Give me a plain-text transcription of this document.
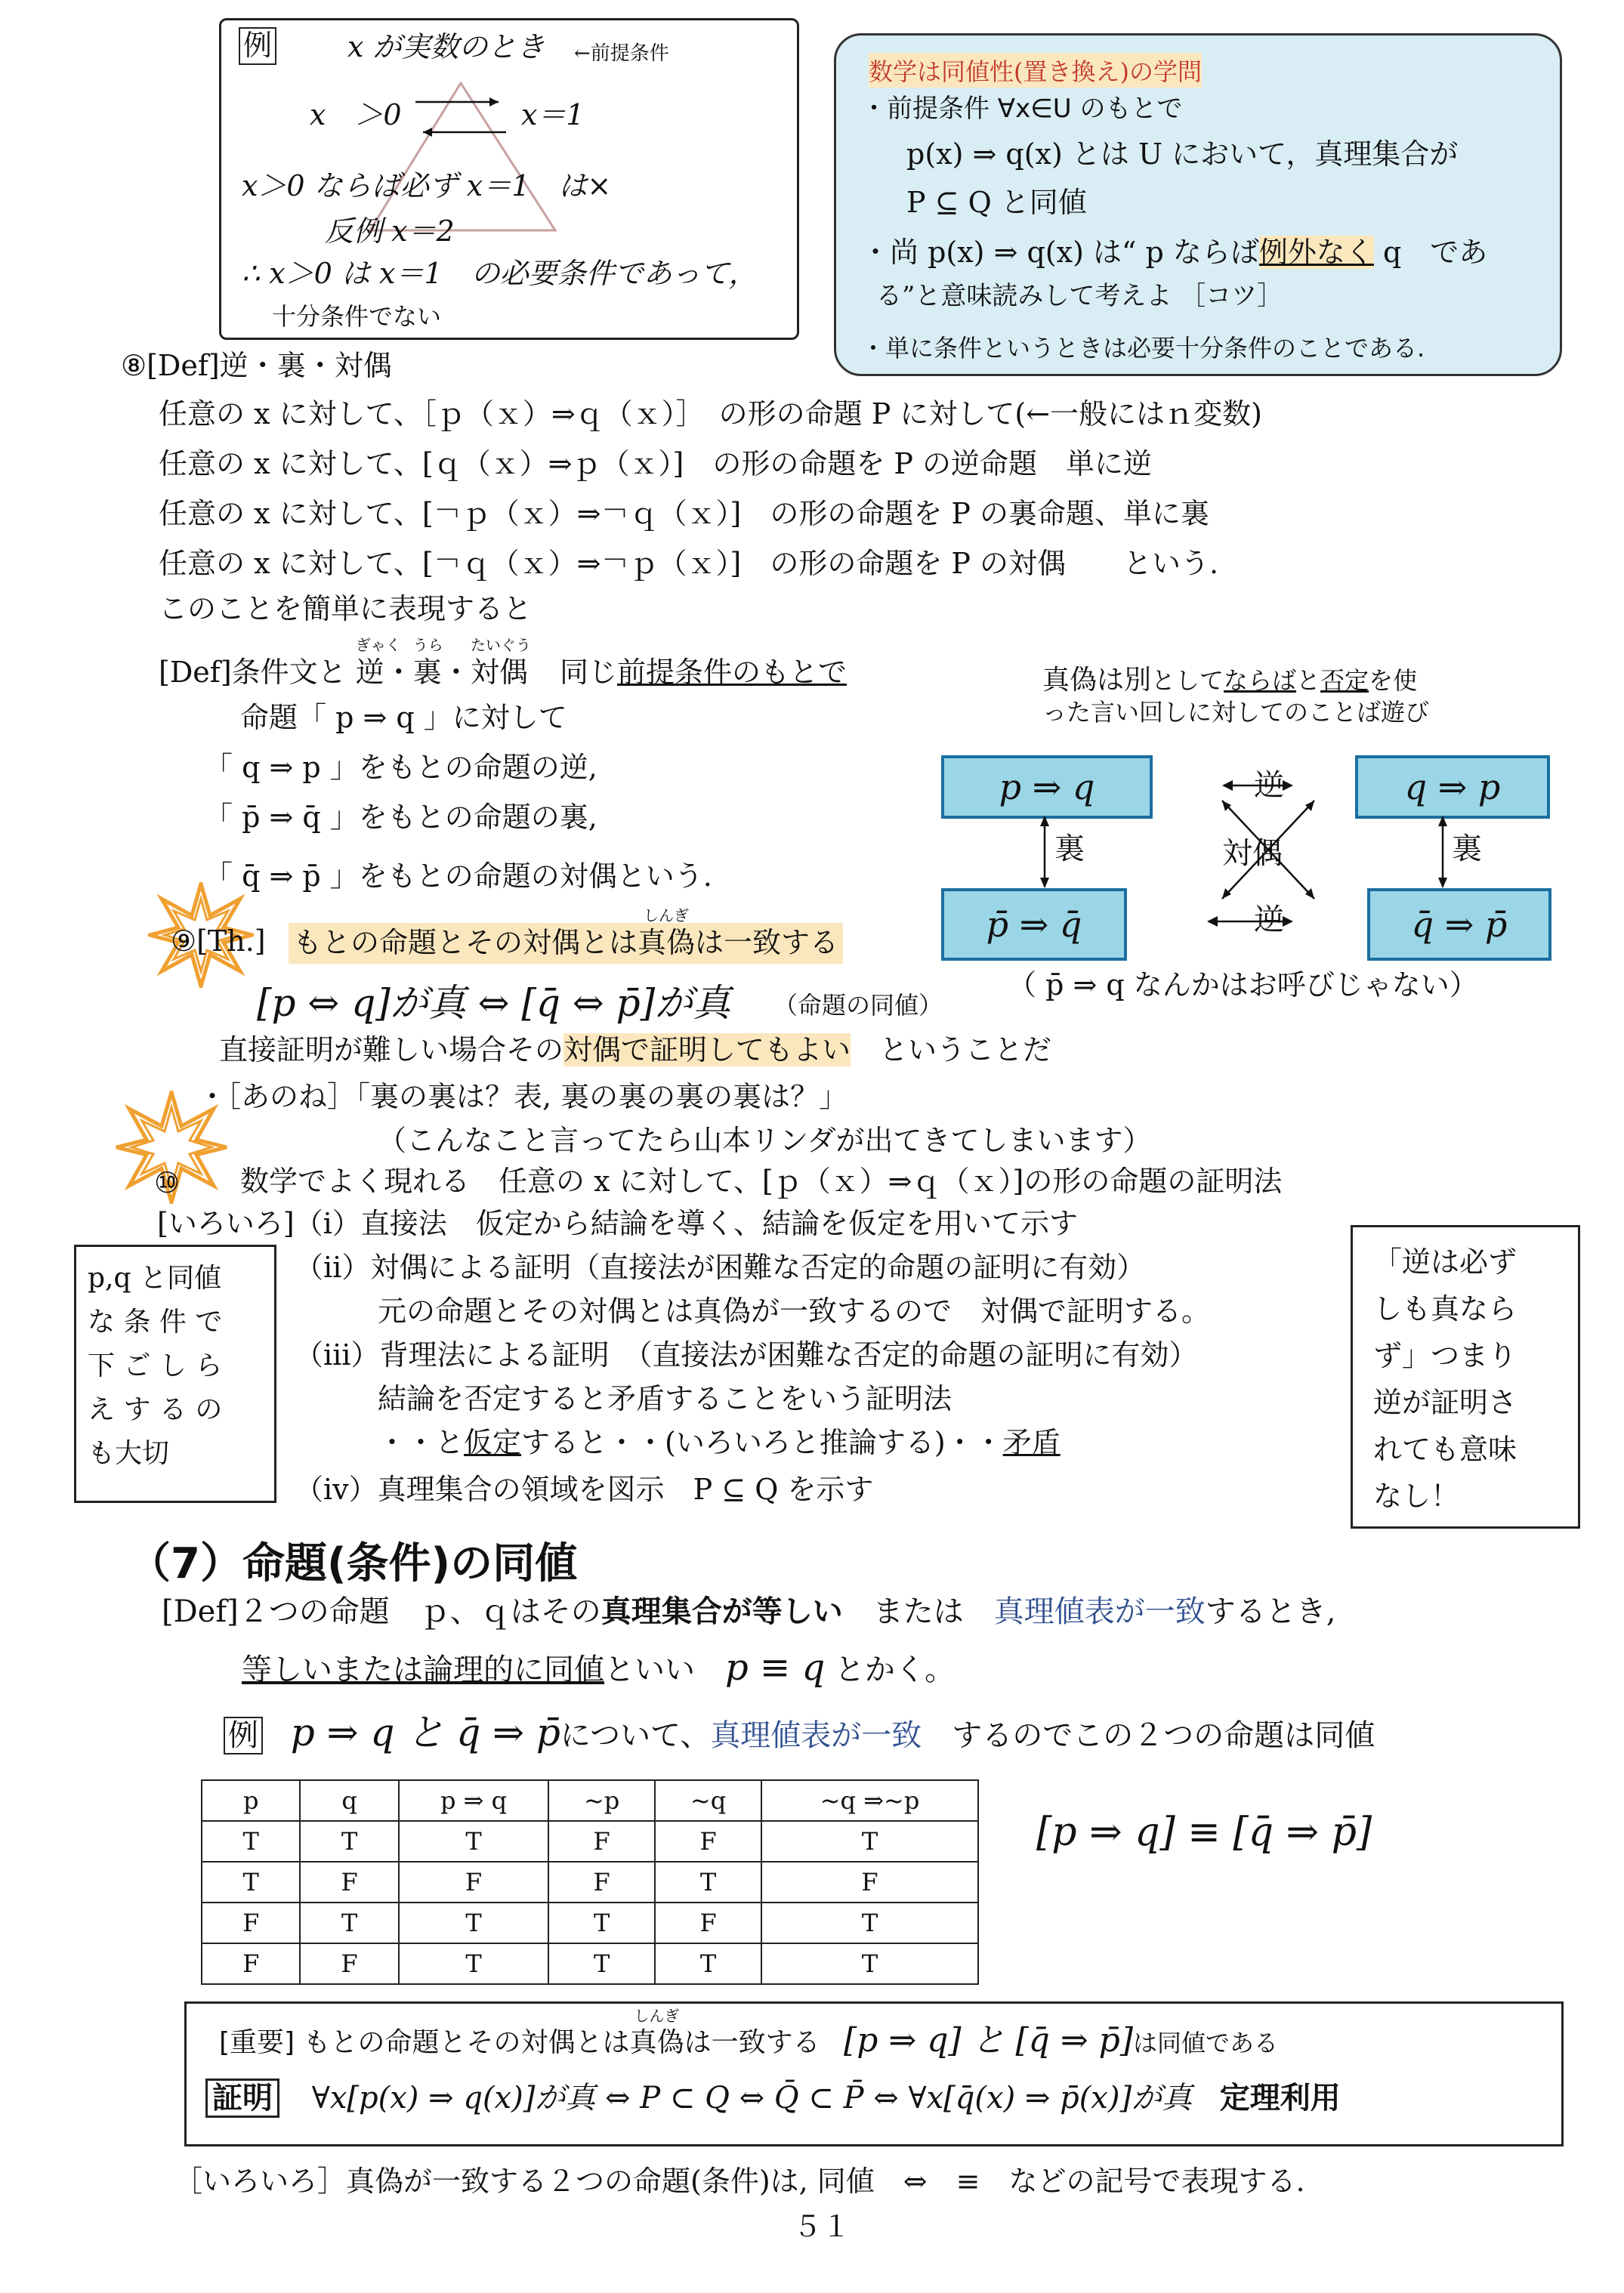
例	x が実数のとき ←前提条件
x　＞0	x＝1
x＞0 ならば必ず x＝1　は×
反例 x＝2
∴ x＞0 は x＝1　の必要条件であって，
十分条件でない
数学は同値性(置き換え)の学問
・前提条件 ∀x∈U のもとで
p(x) ⇒ q(x) とは U において，真理集合が
P ⊆ Q と同値
・尚 p(x) ⇒ q(x) は“ p ならば例外なく q　であ
る”と意味読みして考えよ ［コツ］
・単に条件というときは必要十分条件のことである.
⑧[Def]逆・裏・対偶
任意の x に対して、［ｐ（ｘ）⇒ｑ（ｘ）］　の形の命題 P に対して(←一般にはｎ変数)
任意の x に対して、[ｑ（ｘ）⇒ｐ（ｘ）]　の形の命題を P の逆命題　単に逆
任意の x に対して、[￢ｐ（ｘ）⇒￢ｑ（ｘ）]　の形の命題を P の裏命題、単に裏
任意の x に対して、[￢ｑ（ｘ）⇒￢ｐ（ｘ）]　の形の命題を P の対偶　　という.
このことを簡単に表現すると
[Def]条件文と
ぎゃく
逆・
うら
裏・
たいぐう
対偶 同じ前提条件のもとで	真偽は別としてならばと否定を使
った言い回しに対してのことば遊び
命題「 p ⇒ q 」に対して
「 q ⇒ p 」をもとの命題の逆,
「 p̄ ⇒ q̄ 」をもとの命題の裏,
「 q̄ ⇒ p̄ 」をもとの命題の対偶という.
p ⇒ q	q ⇒ p
p̄ ⇒ q̄	q̄ ⇒ p̄
逆
逆
裏	裏
対偶
⑨[Th.] もとの命題とその対偶とは
しんぎ
真偽は一致する
[p ⇔ q]が真 ⇔ [q̄ ⇔ p̄]が真 （命題の同値）
（ p̄ ⇒ q なんかはお呼びじゃない）
直接証明が難しい場合その対偶で証明してもよい　ということだ
・［あのね］「裏の裏は？表, 裏の裏の裏の裏は？」
（こんなこと言ってたら山本リンダが出てきてしまいます）
⑩ 数学でよく現れる　任意の x に対して、[ｐ（ｘ）⇒ｑ（ｘ）]の形の命題の証明法
[いろいろ]（ⅰ）直接法　仮定から結論を導く、結論を仮定を用いて示す
（ⅱ）対偶による証明（直接法が困難な否定的命題の証明に有効）
元の命題とその対偶とは真偽が一致するので　対偶で証明する。
（ⅲ）背理法による証明　（直接法が困難な否定的命題の証明に有効）
結論を否定すると矛盾することをいう証明法
・・と仮定すると・・(いろいろと推論する)・・矛盾
（ⅳ）真理集合の領域を図示　P ⊆ Q を示す
p,q と同値
な 条 件 で
下 ご し ら
え す る の
も大切
「逆は必ず
しも真なら
ず」つまり
逆が証明さ
れても意味
なし！
（7）命題(条件)の同値
[Def]２つの命題　ｐ、ｑはその真理集合が等しい　または　真理値表が一致するとき,
等しいまたは論理的に同値といい　p ≡ q とかく。
例 p ⇒ q と q̄ ⇒ p̄について、真理値表が一致　するのでこの２つの命題は同値
p	q	p ⇒ q	~p	~q	~q ⇒~p
T	T	T	F	F	T
T	F	F	F	T	F
F	T	T	T	F	T
F	F	T	T	T	T
[p ⇒ q] ≡ [q̄ ⇒ p̄]
[重要] もとの命題とその対偶とは
しんぎ
真偽は一致する [p ⇒ q] と [q̄ ⇒ p̄]は同値である
証明 ∀x[p(x) ⇒ q(x)]が真 ⇔ P ⊂ Q ⇔ Q̄ ⊂ P̄ ⇔ ∀x[q̄(x) ⇒ p̄(x)]が真 定理利用
［いろいろ］真偽が一致する２つの命題(条件)は, 同値　⇔　≡　などの記号で表現する.
５１
